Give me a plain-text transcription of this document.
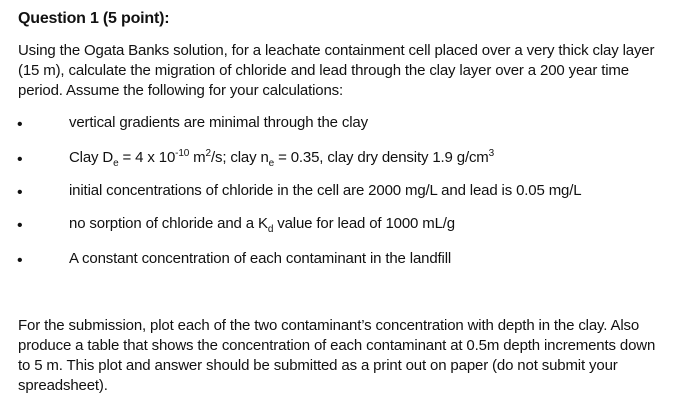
Question 1 (5 point):
Using the Ogata Banks solution, for a leachate containment cell placed over a very thick clay layer
(15 m), calculate the migration of chloride and lead through the clay layer over a 200 year time
period. Assume the following for your calculations:
•	vertical gradients are minimal through the clay
•	Clay $D_e = 4$ x $10^{-10}$ $m^2/s$; clay $n_e = 0.35$, clay dry density 1.9 $g/cm^3$
•	initial concentrations of chloride in the cell are 2000 mg/L and lead is 0.05 mg/L
•	no sorption of chloride and a $K_d$ value for lead of 1000 mL/g
•	A constant concentration of each contaminant in the landfill
For the submission, plot each of the two contaminant’s concentration with depth in the clay. Also
produce a table that shows the concentration of each contaminant at 0.5m depth increments down
to 5 m. This plot and answer should be submitted as a print out on paper (do not submit your
spreadsheet).
